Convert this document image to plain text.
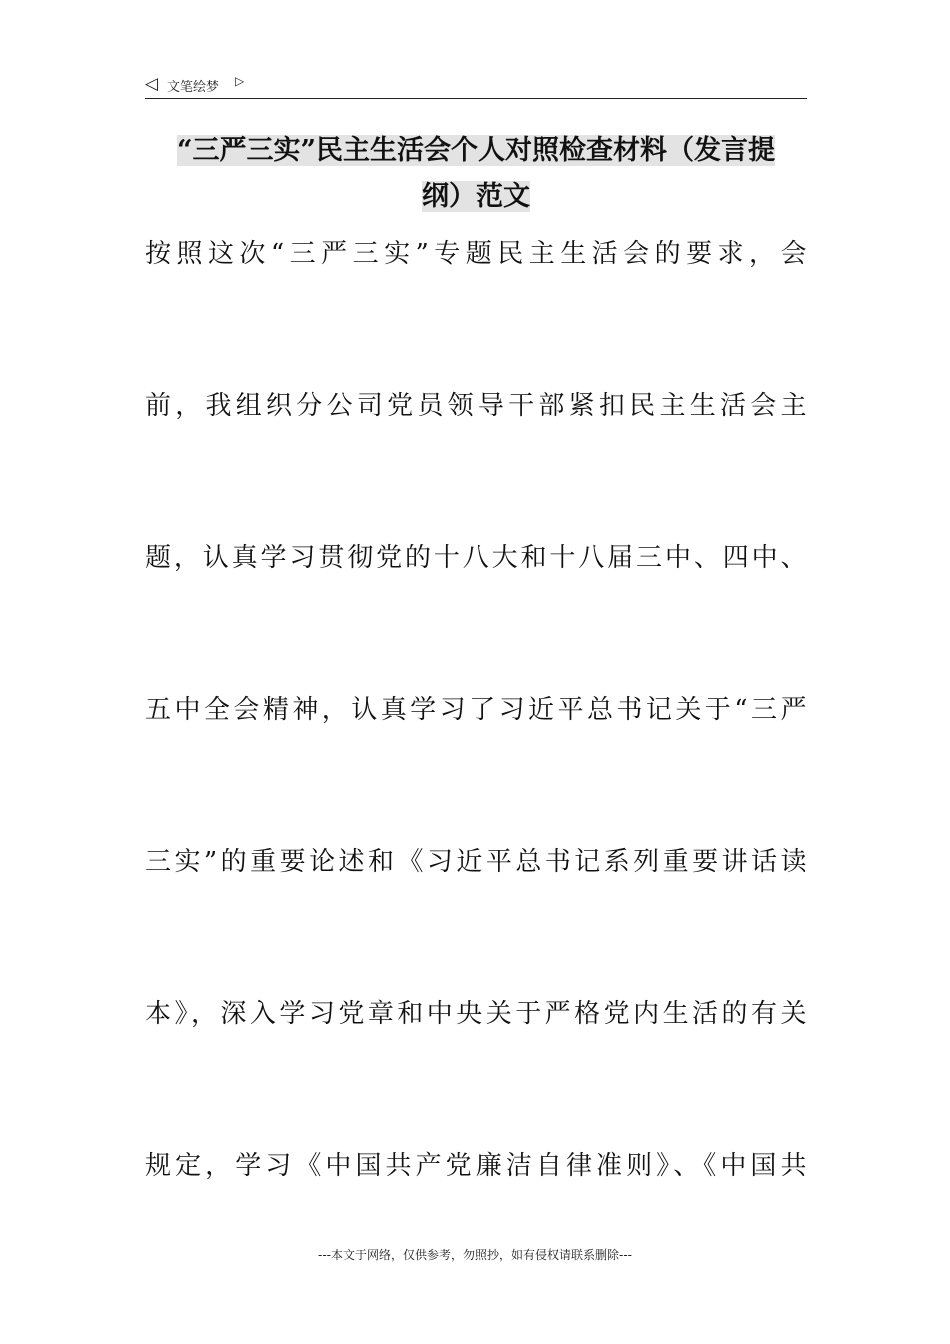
◁ 文笔绘梦 ▷
“三严三实”民主生活会个人对照检查材料（发言提
纲）范文
按照这次“三严三实”专题民主生活会的要求，会
前，我组织分公司党员领导干部紧扣民主生活会主
题，认真学习贯彻党的十八大和十八届三中、四中、
五中全会精神，认真学习了习近平总书记关于“三严
三实”的重要论述和《习近平总书记系列重要讲话读
本》，深入学习党章和中央关于严格党内生活的有关
规定，学习《中国共产党廉洁自律准则》、《中国共
---本文于网络，仅供参考，勿照抄，如有侵权请联系删除---
